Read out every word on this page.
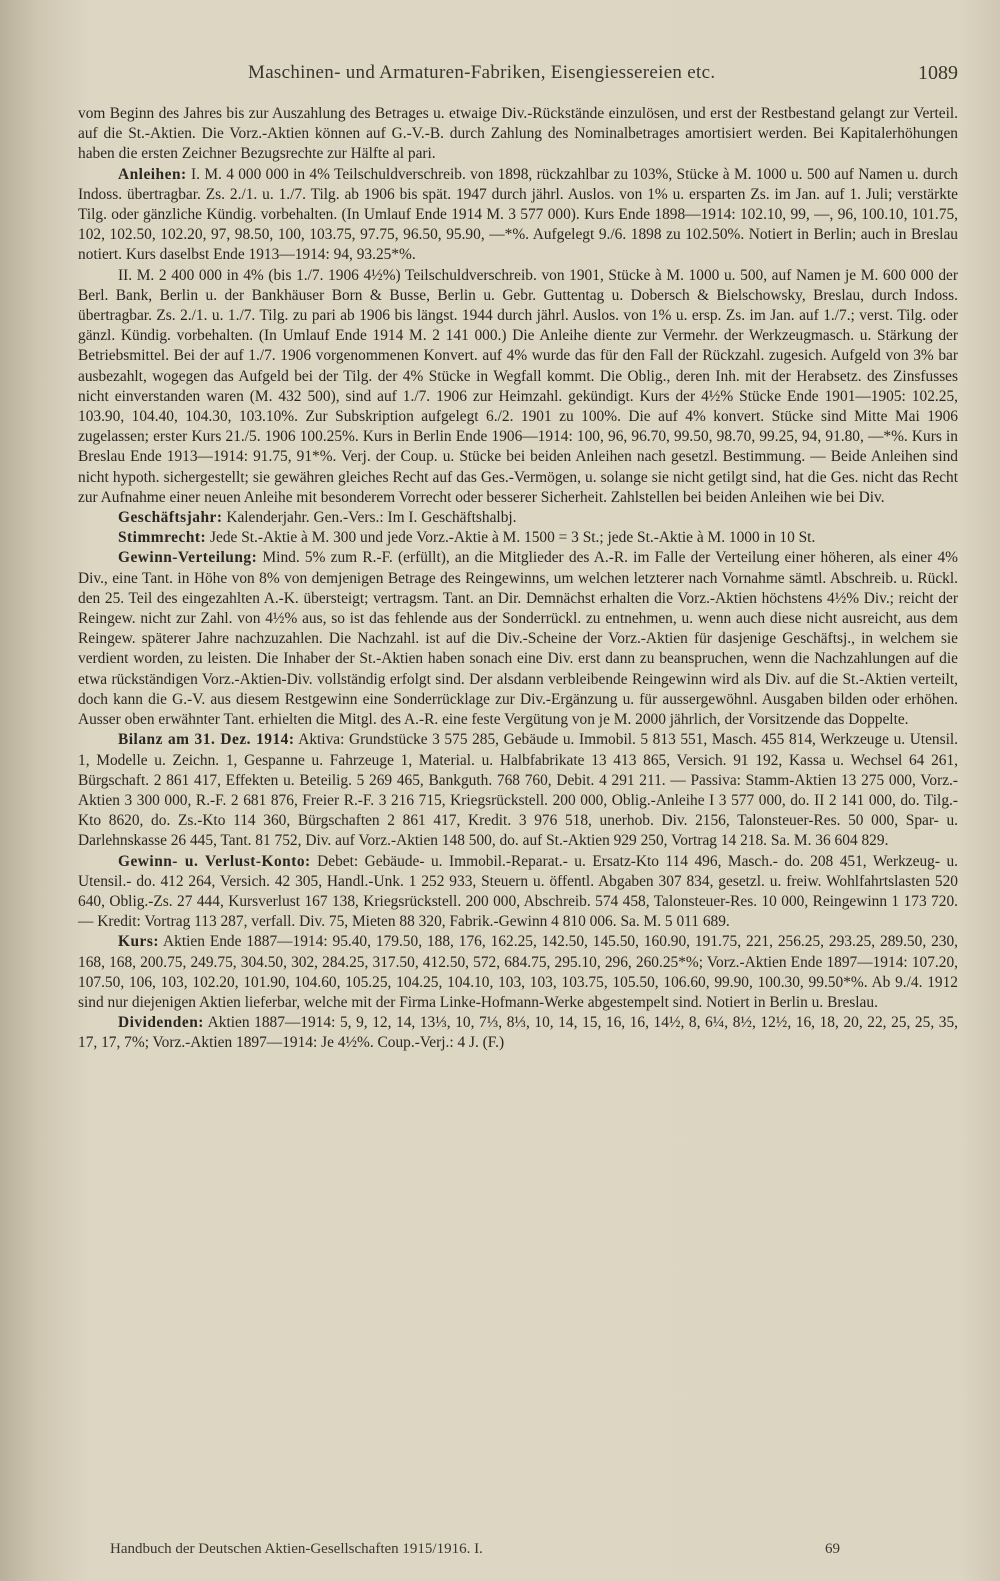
Maschinen- und Armaturen-Fabriken, Eisengiessereien etc.	1089

vom Beginn des Jahres bis zur Auszahlung des Betrages u. etwaige Div.-Rückstände einzulösen, und erst der Restbestand gelangt zur Verteil. auf die St.-Aktien. Die Vorz.-Aktien können auf G.-V.-B. durch Zahlung des Nominalbetrages amortisiert werden. Bei Kapitalerhöhungen haben die ersten Zeichner Bezugsrechte zur Hälfte al pari.

Anleihen: I. M. 4 000 000 in 4% Teilschuldverschreib. von 1898, rückzahlbar zu 103%, Stücke à M. 1000 u. 500 auf Namen u. durch Indoss. übertragbar. Zs. 2./1. u. 1./7. Tilg. ab 1906 bis spät. 1947 durch jährl. Auslos. von 1% u. ersparten Zs. im Jan. auf 1. Juli; verstärkte Tilg. oder gänzliche Kündig. vorbehalten. (In Umlauf Ende 1914 M. 3 577 000). Kurs Ende 1898—1914: 102.10, 99, —, 96, 100.10, 101.75, 102, 102.50, 102.20, 97, 98.50, 100, 103.75, 97.75, 96.50, 95.90, —*%. Aufgelegt 9./6. 1898 zu 102.50%. Notiert in Berlin; auch in Breslau notiert. Kurs daselbst Ende 1913—1914: 94, 93.25*%.

II. M. 2 400 000 in 4% (bis 1./7. 1906 4½%) Teilschuldverschreib. von 1901, Stücke à M. 1000 u. 500, auf Namen je M. 600 000 der Berl. Bank, Berlin u. der Bankhäuser Born & Busse, Berlin u. Gebr. Guttentag u. Dobersch & Bielschowsky, Breslau, durch Indoss. übertragbar. Zs. 2./1. u. 1./7. Tilg. zu pari ab 1906 bis längst. 1944 durch jährl. Auslos. von 1% u. ersp. Zs. im Jan. auf 1./7.; verst. Tilg. oder gänzl. Kündig. vorbehalten. (In Umlauf Ende 1914 M. 2 141 000.) Die Anleihe diente zur Vermehr. der Werkzeugmasch. u. Stärkung der Betriebsmittel. Bei der auf 1./7. 1906 vorgenommenen Konvert. auf 4% wurde das für den Fall der Rückzahl. zugesich. Aufgeld von 3% bar ausbezahlt, wogegen das Aufgeld bei der Tilg. der 4% Stücke in Wegfall kommt. Die Oblig., deren Inh. mit der Herabsetz. des Zinsfusses nicht einverstanden waren (M. 432 500), sind auf 1./7. 1906 zur Heimzahl. gekündigt. Kurs der 4½% Stücke Ende 1901—1905: 102.25, 103.90, 104.40, 104.30, 103.10%. Zur Subskription aufgelegt 6./2. 1901 zu 100%. Die auf 4% konvert. Stücke sind Mitte Mai 1906 zugelassen; erster Kurs 21./5. 1906 100.25%. Kurs in Berlin Ende 1906—1914: 100, 96, 96.70, 99.50, 98.70, 99.25, 94, 91.80, —*%. Kurs in Breslau Ende 1913—1914: 91.75, 91*%. Verj. der Coup. u. Stücke bei beiden Anleihen nach gesetzl. Bestimmung. — Beide Anleihen sind nicht hypoth. sichergestellt; sie gewähren gleiches Recht auf das Ges.-Vermögen, u. solange sie nicht getilgt sind, hat die Ges. nicht das Recht zur Aufnahme einer neuen Anleihe mit besonderem Vorrecht oder besserer Sicherheit. Zahlstellen bei beiden Anleihen wie bei Div.

Geschäftsjahr: Kalenderjahr. Gen.-Vers.: Im I. Geschäftshalbj.

Stimmrecht: Jede St.-Aktie à M. 300 und jede Vorz.-Aktie à M. 1500 = 3 St.; jede St.-Aktie à M. 1000 in 10 St.

Gewinn-Verteilung: Mind. 5% zum R.-F. (erfüllt), an die Mitglieder des A.-R. im Falle der Verteilung einer höheren, als einer 4% Div., eine Tant. in Höhe von 8% von demjenigen Betrage des Reingewinns, um welchen letzterer nach Vornahme sämtl. Abschreib. u. Rückl. den 25. Teil des eingezahlten A.-K. übersteigt; vertragsm. Tant. an Dir. Demnächst erhalten die Vorz.-Aktien höchstens 4½% Div.; reicht der Reingew. nicht zur Zahl. von 4½% aus, so ist das fehlende aus der Sonderrückl. zu entnehmen, u. wenn auch diese nicht ausreicht, aus dem Reingew. späterer Jahre nachzuzahlen. Die Nachzahl. ist auf die Div.-Scheine der Vorz.-Aktien für dasjenige Geschäftsj., in welchem sie verdient worden, zu leisten. Die Inhaber der St.-Aktien haben sonach eine Div. erst dann zu beanspruchen, wenn die Nachzahlungen auf die etwa rückständigen Vorz.-Aktien-Div. vollständig erfolgt sind. Der alsdann verbleibende Reingewinn wird als Div. auf die St.-Aktien verteilt, doch kann die G.-V. aus diesem Restgewinn eine Sonderrücklage zur Div.-Ergänzung u. für aussergewöhnl. Ausgaben bilden oder erhöhen. Ausser oben erwähnter Tant. erhielten die Mitgl. des A.-R. eine feste Vergütung von je M. 2000 jährlich, der Vorsitzende das Doppelte.

Bilanz am 31. Dez. 1914: Aktiva: Grundstücke 3 575 285, Gebäude u. Immobil. 5 813 551, Masch. 455 814, Werkzeuge u. Utensil. 1, Modelle u. Zeichn. 1, Gespanne u. Fahrzeuge 1, Material. u. Halbfabrikate 13 413 865, Versich. 91 192, Kassa u. Wechsel 64 261, Bürgschaft. 2 861 417, Effekten u. Beteilig. 5 269 465, Bankguth. 768 760, Debit. 4 291 211. — Passiva: Stamm-Aktien 13 275 000, Vorz.-Aktien 3 300 000, R.-F. 2 681 876, Freier R.-F. 3 216 715, Kriegsrückstell. 200 000, Oblig.-Anleihe I 3 577 000, do. II 2 141 000, do. Tilg.-Kto 8620, do. Zs.-Kto 114 360, Bürgschaften 2 861 417, Kredit. 3 976 518, unerhob. Div. 2156, Talonsteuer-Res. 50 000, Spar- u. Darlehnskasse 26 445, Tant. 81 752, Div. auf Vorz.-Aktien 148 500, do. auf St.-Aktien 929 250, Vortrag 14 218. Sa. M. 36 604 829.

Gewinn- u. Verlust-Konto: Debet: Gebäude- u. Immobil.-Reparat.- u. Ersatz-Kto 114 496, Masch.- do. 208 451, Werkzeug- u. Utensil.- do. 412 264, Versich. 42 305, Handl.-Unk. 1 252 933, Steuern u. öffentl. Abgaben 307 834, gesetzl. u. freiw. Wohlfahrtslasten 520 640, Oblig.-Zs. 27 444, Kursverlust 167 138, Kriegsrückstell. 200 000, Abschreib. 574 458, Talonsteuer-Res. 10 000, Reingewinn 1 173 720. — Kredit: Vortrag 113 287, verfall. Div. 75, Mieten 88 320, Fabrik.-Gewinn 4 810 006. Sa. M. 5 011 689.

Kurs: Aktien Ende 1887—1914: 95.40, 179.50, 188, 176, 162.25, 142.50, 145.50, 160.90, 191.75, 221, 256.25, 293.25, 289.50, 230, 168, 168, 200.75, 249.75, 304.50, 302, 284.25, 317.50, 412.50, 572, 684.75, 295.10, 296, 260.25*%; Vorz.-Aktien Ende 1897—1914: 107.20, 107.50, 106, 103, 102.20, 101.90, 104.60, 105.25, 104.25, 104.10, 103, 103, 103.75, 105.50, 106.60, 99.90, 100.30, 99.50*%. Ab 9./4. 1912 sind nur diejenigen Aktien lieferbar, welche mit der Firma Linke-Hofmann-Werke abgestempelt sind. Notiert in Berlin u. Breslau.

Dividenden: Aktien 1887—1914: 5, 9, 12, 14, 13⅓, 10, 7⅓, 8⅓, 10, 14, 15, 16, 16, 14½, 8, 6¼, 8½, 12½, 16, 18, 20, 22, 25, 25, 35, 17, 17, 7%; Vorz.-Aktien 1897—1914: Je 4½%. Coup.-Verj.: 4 J. (F.)

Handbuch der Deutschen Aktien-Gesellschaften 1915/1916. I.	69
